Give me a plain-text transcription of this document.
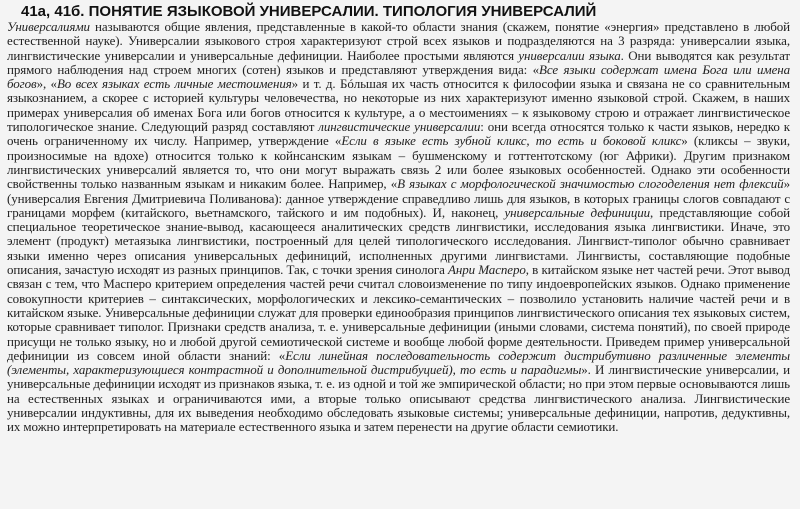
41а, 41б. ПОНЯТИЕ ЯЗЫКОВОЙ УНИВЕРСАЛИИ. ТИПОЛОГИЯ УНИВЕРСАЛИЙ

Универсалиями называются общие явления, представленные в какой-то области знания (скажем, понятие «энергия» представлено в любой естественной науке). Универсалии языкового строя характеризуют строй всех языков и подразделяются на 3 разряда: универсалии языка, лингвистические универсалии и универсальные дефиниции. Наиболее простыми являются универсалии языка. Они выводятся как результат прямого наблюдения над строем многих (сотен) языков и представляют утверждения вида: «Все языки содержат имена Бога или имена богов», «Во всех языках есть личные местоимения» и т. д. Бóльшая их часть относится к философии языка и связана не со сравнительным языкознанием, а скорее с историей культуры человечества, но некоторые из них характеризуют именно языковой строй. Скажем, в наших примерах универсалия об именах Бога или богов относится к культуре, а о местоимениях – к языковому строю и отражает лингвистическое типологическое знание. Следующий разряд составляют лингвистические универсалии: они всегда относятся только к части языков, нередко к очень ограниченному их числу. Например, утверждение «Если в языке есть зубной кликс, то есть и боковой кликс» (кликсы – звуки, произносимые на вдохе) относится только к койнсанским языкам – бушменскому и готтентотскому (юг Африки). Другим признаком лингвистических универсалий является то, что они могут выражать связь 2 или более языковых особенностей. Однако эти особенности свойственны только названным языкам и никаким более. Например, «В языках с морфологической значимостью слогоделения нет флексий» (универсалия Евгения Дмитриевича Поливанова): данное утверждение справедливо лишь для языков, в которых границы слогов совпадают с границами морфем (китайского, вьетнамского, тайского и им подобных). И, наконец, универсальные дефиниции, представляющие собой специальное теоретическое знание-вывод, касающееся аналитических средств лингвистики, исследования языка лингвистики. Иначе, это элемент (продукт) метаязыка лингвистики, построенный для целей типологического исследования. Лингвист-типолог обычно сравнивает языки именно через описания универсальных дефиниций, исполненных другими лингвистами. Лингвисты, составляющие подобные описания, зачастую исходят из разных принципов. Так, с точки зрения синолога Анри Масперо, в китайском языке нет частей речи. Этот вывод связан с тем, что Масперо критерием определения частей речи считал словоизменение по типу индоевропейских языков. Однако применение совокупности критериев – синтаксических, морфологических и лексико-семантических – позволило установить наличие частей речи и в китайском языке. Универсальные дефиниции служат для проверки единообразия принципов лингвистического описания тех языковых систем, которые сравнивает типолог. Признаки средств анализа, т. е. универсальные дефиниции (иными словами, система понятий), по своей природе присущи не только языку, но и любой другой семиотической системе и вообще любой форме деятельности. Приведем пример универсальной дефиниции из совсем иной области знаний: «Если линейная последовательность содержит дистрибутивно различенные элементы (элементы, характеризующиеся контрастной и дополнительной дистрибуцией), то есть и парадигмы». И лингвистические универсалии, и универсальные дефиниции исходят из признаков языка, т. е. из одной и той же эмпирической области; но при этом первые основываются лишь на естественных языках и ограничиваются ими, а вторые только описывают средства лингвистического анализа. Лингвистические универсалии индуктивны, для их выведения необходимо обследовать языковые системы; универсальные дефиниции, напротив, дедуктивны, их можно интерпретировать на материале естественного языка и затем перенести на другие области семиотики.
